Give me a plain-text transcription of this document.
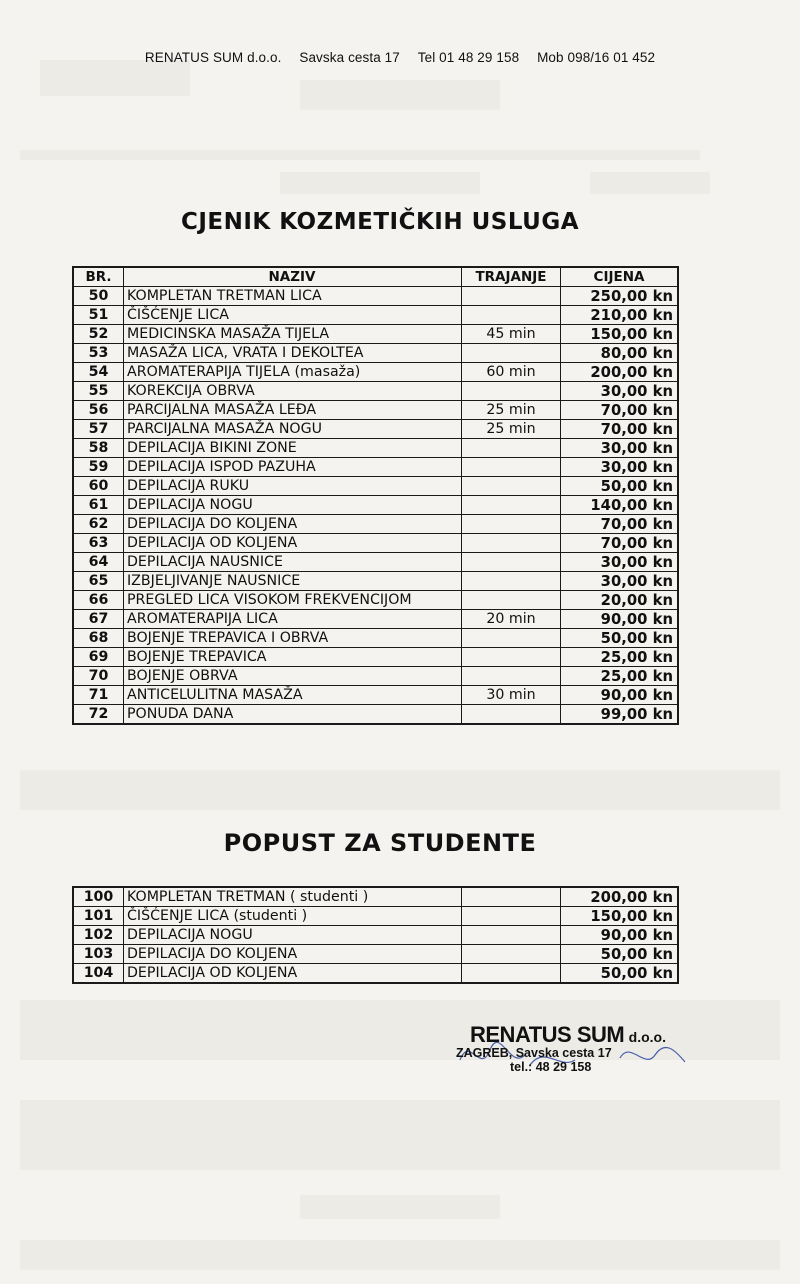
RENATUS SUM d.o.o. Savska cesta 17 Tel 01 48 29 158 Mob 098/16 01 452
CJENIK KOZMETIČKIH USLUGA
BR.	NAZIV	TRAJANJE	CIJENA
50	KOMPLETAN TRETMAN LICA		250,00 kn
51	ČIŠĆENJE LICA		210,00 kn
52	MEDICINSKA MASAŽA TIJELA	45 min	150,00 kn
53	MASAŽA LICA, VRATA I DEKOLTEA		80,00 kn
54	AROMATERAPIJA TIJELA (masaža)	60 min	200,00 kn
55	KOREKCIJA OBRVA		30,00 kn
56	PARCIJALNA MASAŽA LEĐA	25 min	70,00 kn
57	PARCIJALNA MASAŽA NOGU	25 min	70,00 kn
58	DEPILACIJA BIKINI ZONE		30,00 kn
59	DEPILACIJA ISPOD PAZUHA		30,00 kn
60	DEPILACIJA RUKU		50,00 kn
61	DEPILACIJA NOGU		140,00 kn
62	DEPILACIJA DO KOLJENA		70,00 kn
63	DEPILACIJA OD KOLJENA		70,00 kn
64	DEPILACIJA NAUSNICE		30,00 kn
65	IZBJELJIVANJE NAUSNICE		30,00 kn
66	PREGLED LICA VISOKOM FREKVENCIJOM		20,00 kn
67	AROMATERAPIJA LICA	20 min	90,00 kn
68	BOJENJE TREPAVICA I OBRVA		50,00 kn
69	BOJENJE TREPAVICA		25,00 kn
70	BOJENJE OBRVA		25,00 kn
71	ANTICELULITNA MASAŽA	30 min	90,00 kn
72	PONUDA DANA		99,00 kn
POPUST ZA STUDENTE
100	KOMPLETAN TRETMAN ( studenti )		200,00 kn
101	ČIŠĆENJE LICA (studenti )		150,00 kn
102	DEPILACIJA NOGU		90,00 kn
103	DEPILACIJA DO KOLJENA		50,00 kn
104	DEPILACIJA OD KOLJENA		50,00 kn
RENATUS SUM d.o.o.
ZAGREB, Savska cesta 17
tel.: 48 29 158
